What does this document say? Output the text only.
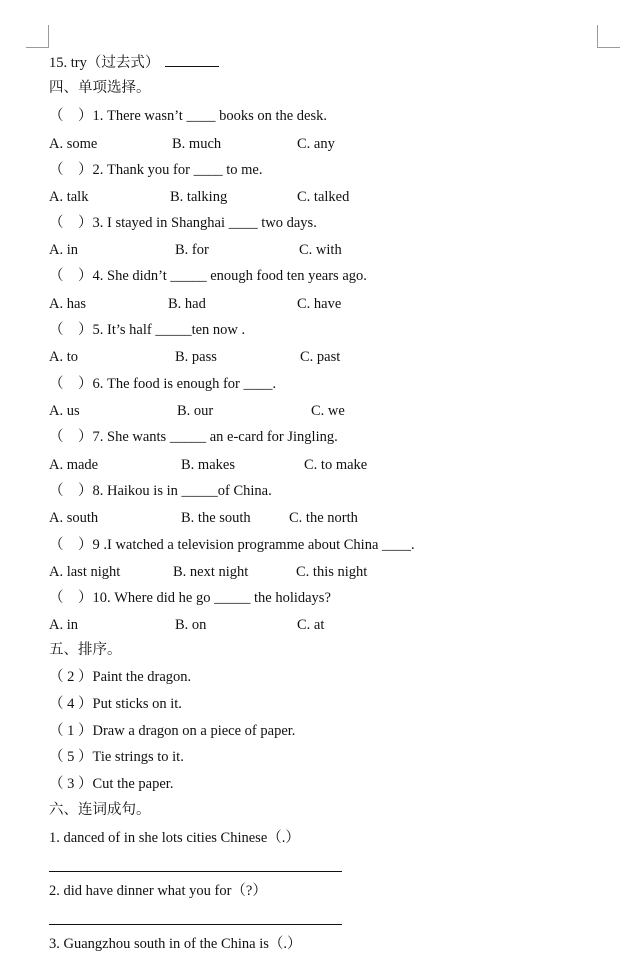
15. try（过去式）
四、单项选择。
（　）1. There wasn’t ____ books on the desk.
A. some	B. much	C. any
（　）2. Thank you for ____ to me.
A. talk	B. talking	C. talked
（　）3. I stayed in Shanghai ____ two days.
A. in	B. for	C. with
（　）4. She didn’t _____ enough food ten years ago.
A. has	B. had	C. have
（　）5. It’s half _____ten now .
A. to	B. pass	C. past
（　）6. The food is enough for ____.
A. us	B. our	C. we
（　）7. She wants _____ an e-card for Jingling.
A. made	B. makes	C. to make
（　）8. Haikou is in _____of China.
A. south	B. the south	C. the north
（　）9 .I watched a television programme about China ____.
A. last night	B. next night	C. this night
（　）10. Where did he go _____ the holidays?
A. in	B. on	C. at
五、排序。
（ 2 ）Paint the dragon.
（ 4 ）Put sticks on it.
（ 1 ）Draw a dragon on a piece of paper.
（ 5 ）Tie strings to it.
（ 3 ）Cut the paper.
六、连词成句。
1. danced of in she lots cities Chinese（.）
2. did have dinner what you for（?）
3. Guangzhou south in of the China is（.）
